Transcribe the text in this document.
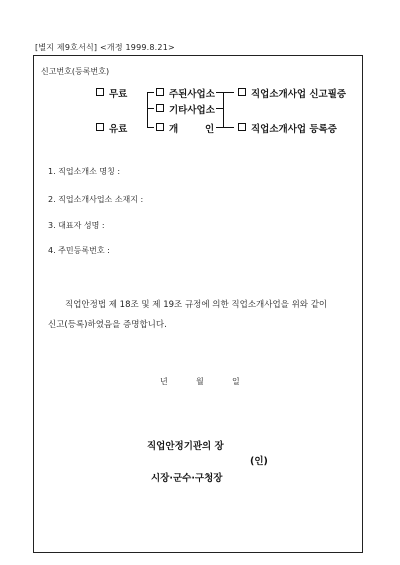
[별지 제9호서식] <개정 1999.8.21>
신고번호(등록번호)
무료	주된사업소	직업소개사업 신고필증
기타사업소
유료	개	인	직업소개사업 등록증
1. 직업소개소 명칭 :
2. 직업소개사업소 소재지 :
3. 대표자 성명 :
4. 주민등록번호 :
직업안정법 제 18조 및 제 19조 규정에 의한 직업소개사업을 위와 같이
신고(등록)하였음을 증명합니다.
년	월	일
직업안정기관의 장
(인)
시장·군수·구청장
